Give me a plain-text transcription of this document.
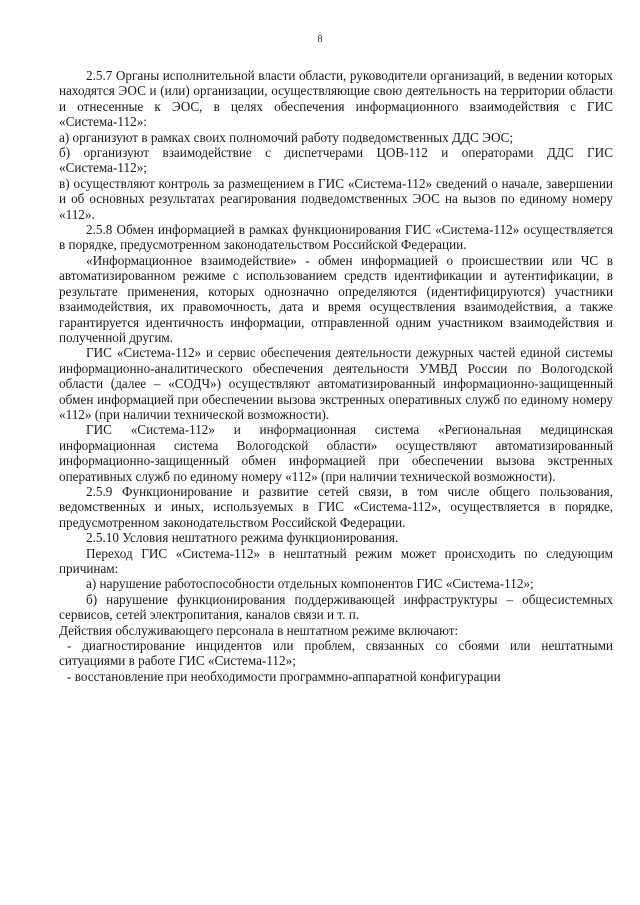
8

2.5.7 Органы исполнительной власти области, руководители организаций, в ведении которых находятся ЭОС и (или) организации, осуществляющие свою деятельность на территории области и отнесенные к ЭОС, в целях обеспечения информационного взаимодействия с ГИС «Система-112»:

а) организуют в рамках своих полномочий работу подведомственных ДДС ЭОС;

б) организуют взаимодействие с диспетчерами ЦОВ-112 и операторами ДДС ГИС «Система-112»;

в) осуществляют контроль за размещением в ГИС «Система-112» сведений о начале, завершении и об основных результатах реагирования подведомственных ЭОС на вызов по единому номеру «112».

2.5.8 Обмен информацией в рамках функционирования ГИС «Система-112» осуществляется в порядке, предусмотренном законодательством Российской Федерации.

«Информационное взаимодействие» - обмен информацией о происшествии или ЧС в автоматизированном режиме с использованием средств идентификации и аутентификации, в результате применения, которых однозначно определяются (идентифицируются) участники взаимодействия, их правомочность, дата и время осуществления взаимодействия, а также гарантируется идентичность информации, отправленной одним участником взаимодействия и полученной другим.

ГИС «Система-112» и сервис обеспечения деятельности дежурных частей единой системы информационно-аналитического обеспечения деятельности УМВД России по Вологодской области (далее – «СОДЧ») осуществляют автоматизированный информационно-защищенный обмен информацией при обеспечении вызова экстренных оперативных служб по единому номеру «112» (при наличии технической возможности).

ГИС «Система-112» и информационная система «Региональная медицинская информационная система Вологодской области» осуществляют автоматизированный информационно-защищенный обмен информацией при обеспечении вызова экстренных оперативных служб по единому номеру «112» (при наличии технической возможности).

2.5.9 Функционирование и развитие сетей связи, в том числе общего пользования, ведомственных и иных, используемых в ГИС «Система-112», осуществляется в порядке, предусмотренном законодательством Российской Федерации.

2.5.10 Условия нештатного режима функционирования.

Переход ГИС «Система-112» в нештатный режим может происходить по следующим причинам:

а) нарушение работоспособности отдельных компонентов ГИС «Система-112»;

б) нарушение функционирования поддерживающей инфраструктуры – общесистемных сервисов, сетей электропитания, каналов связи и т. п.

Действия обслуживающего персонала в нештатном режиме включают:

- диагностирование инцидентов или проблем, связанных со сбоями или нештатными ситуациями в работе ГИС «Система-112»;

- восстановление при необходимости программно-аппаратной конфигурации
